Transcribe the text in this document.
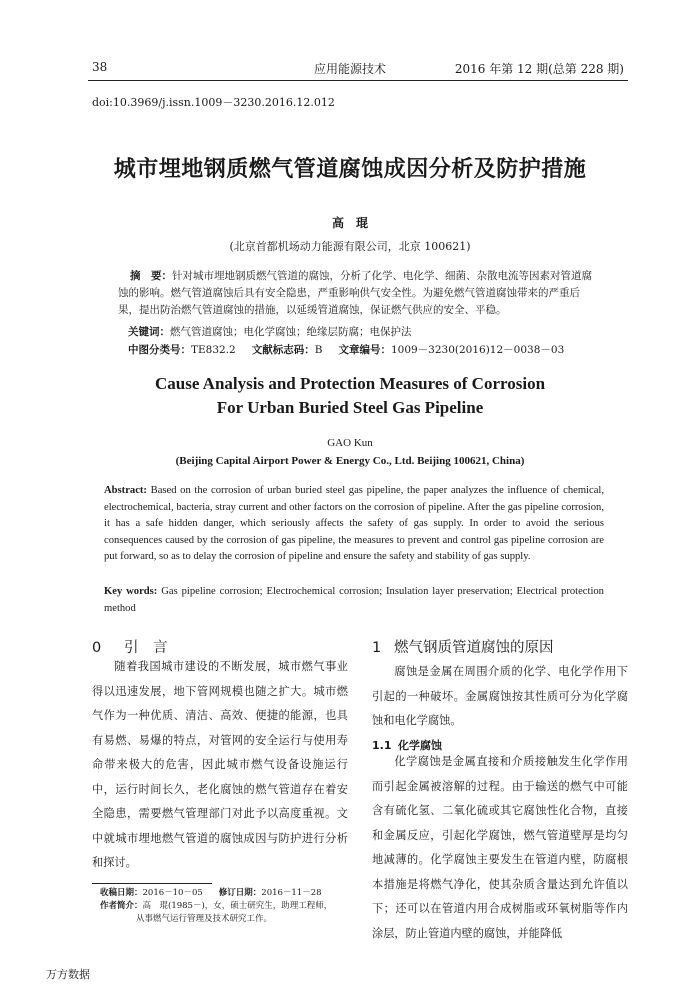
38	应用能源技术	2016 年第 12 期(总第 228 期)
doi:10.3969/j.issn.1009－3230.2016.12.012
城市埋地钢质燃气管道腐蚀成因分析及防护措施
高　琨
(北京首都机场动力能源有限公司，北京 100621)
摘　要：针对城市埋地钢质燃气管道的腐蚀，分析了化学、电化学、细菌、杂散电流等因素对管道腐蚀的影响。燃气管道腐蚀后具有安全隐患，严重影响供气安全性。为避免燃气管道腐蚀带来的严重后果，提出防治燃气管道腐蚀的措施，以延缓管道腐蚀，保证燃气供应的安全、平稳。
关键词：燃气管道腐蚀；电化学腐蚀；绝缘层防腐；电保护法
中图分类号：TE832.2 文献标志码：B 文章编号：1009－3230(2016)12－0038－03
Cause Analysis and Protection Measures of Corrosion
For Urban Buried Steel Gas Pipeline
GAO Kun
(Beijing Capital Airport Power & Energy Co., Ltd. Beijing 100621, China)
Abstract: Based on the corrosion of urban buried steel gas pipeline, the paper analyzes the influence of chemical, electrochemical, bacteria, stray current and other factors on the corrosion of pipeline. After the gas pipeline corrosion, it has a safe hidden danger, which seriously affects the safety of gas supply. In order to avoid the serious consequences caused by the corrosion of gas pipeline, the measures to prevent and control gas pipeline corrosion are put forward, so as to delay the corrosion of pipeline and ensure the safety and stability of gas supply.
Key words: Gas pipeline corrosion; Electrochemical corrosion; Insulation layer preservation; Electrical protection method
0 引　言

随着我国城市建设的不断发展，城市燃气事业得以迅速发展，地下管网规模也随之扩大。城市燃气作为一种优质、清洁、高效、便捷的能源，也具有易燃、易爆的特点，对管网的安全运行与使用寿命带来极大的危害，因此城市燃气设备设施运行中，运行时间长久，老化腐蚀的燃气管道存在着安全隐患，需要燃气管理部门对此予以高度重视。文中就城市埋地燃气管道的腐蚀成因与防护进行分析和探讨。

1 燃气钢质管道腐蚀的原因

腐蚀是金属在周围介质的化学、电化学作用下引起的一种破坏。金属腐蚀按其性质可分为化学腐蚀和电化学腐蚀。

1.1 化学腐蚀

化学腐蚀是金属直接和介质接触发生化学作用而引起金属被溶解的过程。由于输送的燃气中可能含有硫化氢、二氧化硫或其它腐蚀性化合物，直接和金属反应，引起化学腐蚀，燃气管道壁厚是均匀地减薄的。化学腐蚀主要发生在管道内壁，防腐根本措施是将燃气净化，使其杂质含量达到允许值以下；还可以在管道内用合成树脂或环氧树脂等作内涂层，防止管道内壁的腐蚀，并能降低

收稿日期：2016－10－05 修订日期：2016－11－28
作者简介：高　琨(1985－)，女，硕士研究生，助理工程师，
从事燃气运行管理及技术研究工作。
万方数据
